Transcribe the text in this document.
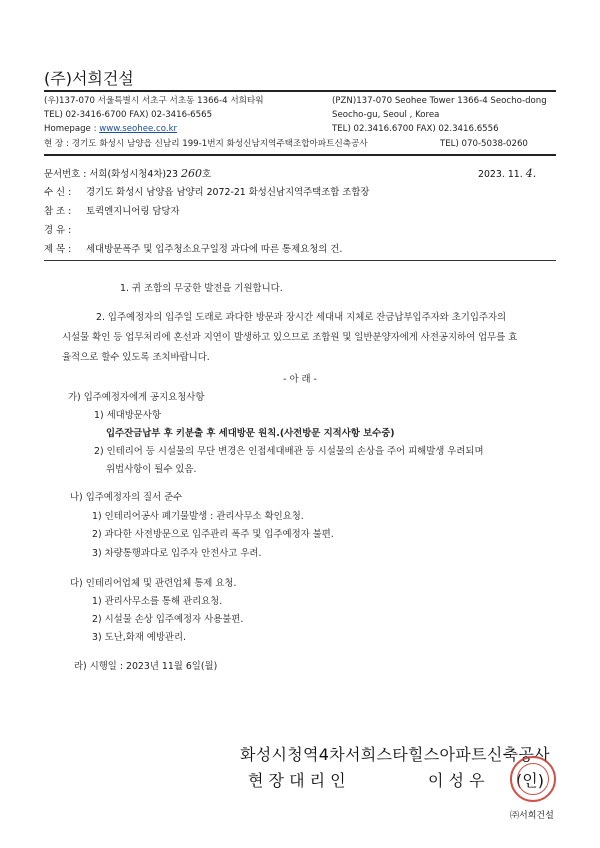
(주)서희건설
(우)137-070 서울특별시 서초구 서초동 1366-4 서희타워
TEL) 02-3416-6700 FAX) 02-3416-6565
Homepage : www.seohee.co.kr
(PZN)137-070 Seohee Tower 1366-4 Seocho-dong
Seocho-gu, Seoul , Korea
TEL) 02.3416.6700 FAX) 02.3416.6556
현 장 : 경기도 화성시 남양읍 신남리 199-1번지 화성신남지역주택조합아파트신축공사	TEL) 070-5038-0260
문서번호 : 서희(화성시청4차)23 260호	2023. 11. 4.
수 신 : 경기도 화성시 남양읍 남양리 2072-21 화성신남지역주택조합 조합장
참 조 : 토퀵엔지니어링 담당자
경 유 :
제 목 : 세대방문폭주 및 입주청소요구일정 과다에 따른 통제요청의 건.
1. 귀 조합의 무궁한 발전을 기원합니다.
2. 입주예정자의 입주일 도래로 과다한 방문과 장시간 세대내 지체로 잔금납부입주자와 초기입주자의
시설물 확인 등 업무처리에 혼선과 지연이 발생하고 있으므로 조합원 및 일반분양자에게 사전공지하여 업무를 효
율적으로 할수 있도록 조치바랍니다.
- 아 래 -
가) 입주예정자에게 공지요청사항
1) 세대방문사항
입주잔금납부 후 키분출 후 세대방문 원칙.(사전방문 지적사항 보수중)
2) 인테리어 등 시설물의 무단 변경은 인접세대배관 등 시설물의 손상을 주어 피해발생 우려되며
위법사항이 될수 있음.
나) 입주예정자의 질서 준수
1) 인테리어공사 폐기물발생 : 관리사무소 확인요청.
2) 과다한 사전방문으로 입주관리 폭주 및 입주예정자 불편.
3) 차량통행과다로 입주자 안전사고 우려.
다) 인테리어업체 및 관련업체 통제 요청.
1) 관리사무소를 통해 관리요청.
2) 시설물 손상 입주예정자 사용불편.
3) 도난,화재 예방관리.
라) 시행일 : 2023년 11월 6일(월)
화성시청역4차서희스타힐스아파트신축공사
현 장 대 리 인	이 성 우 (인)
㈜서희건설
